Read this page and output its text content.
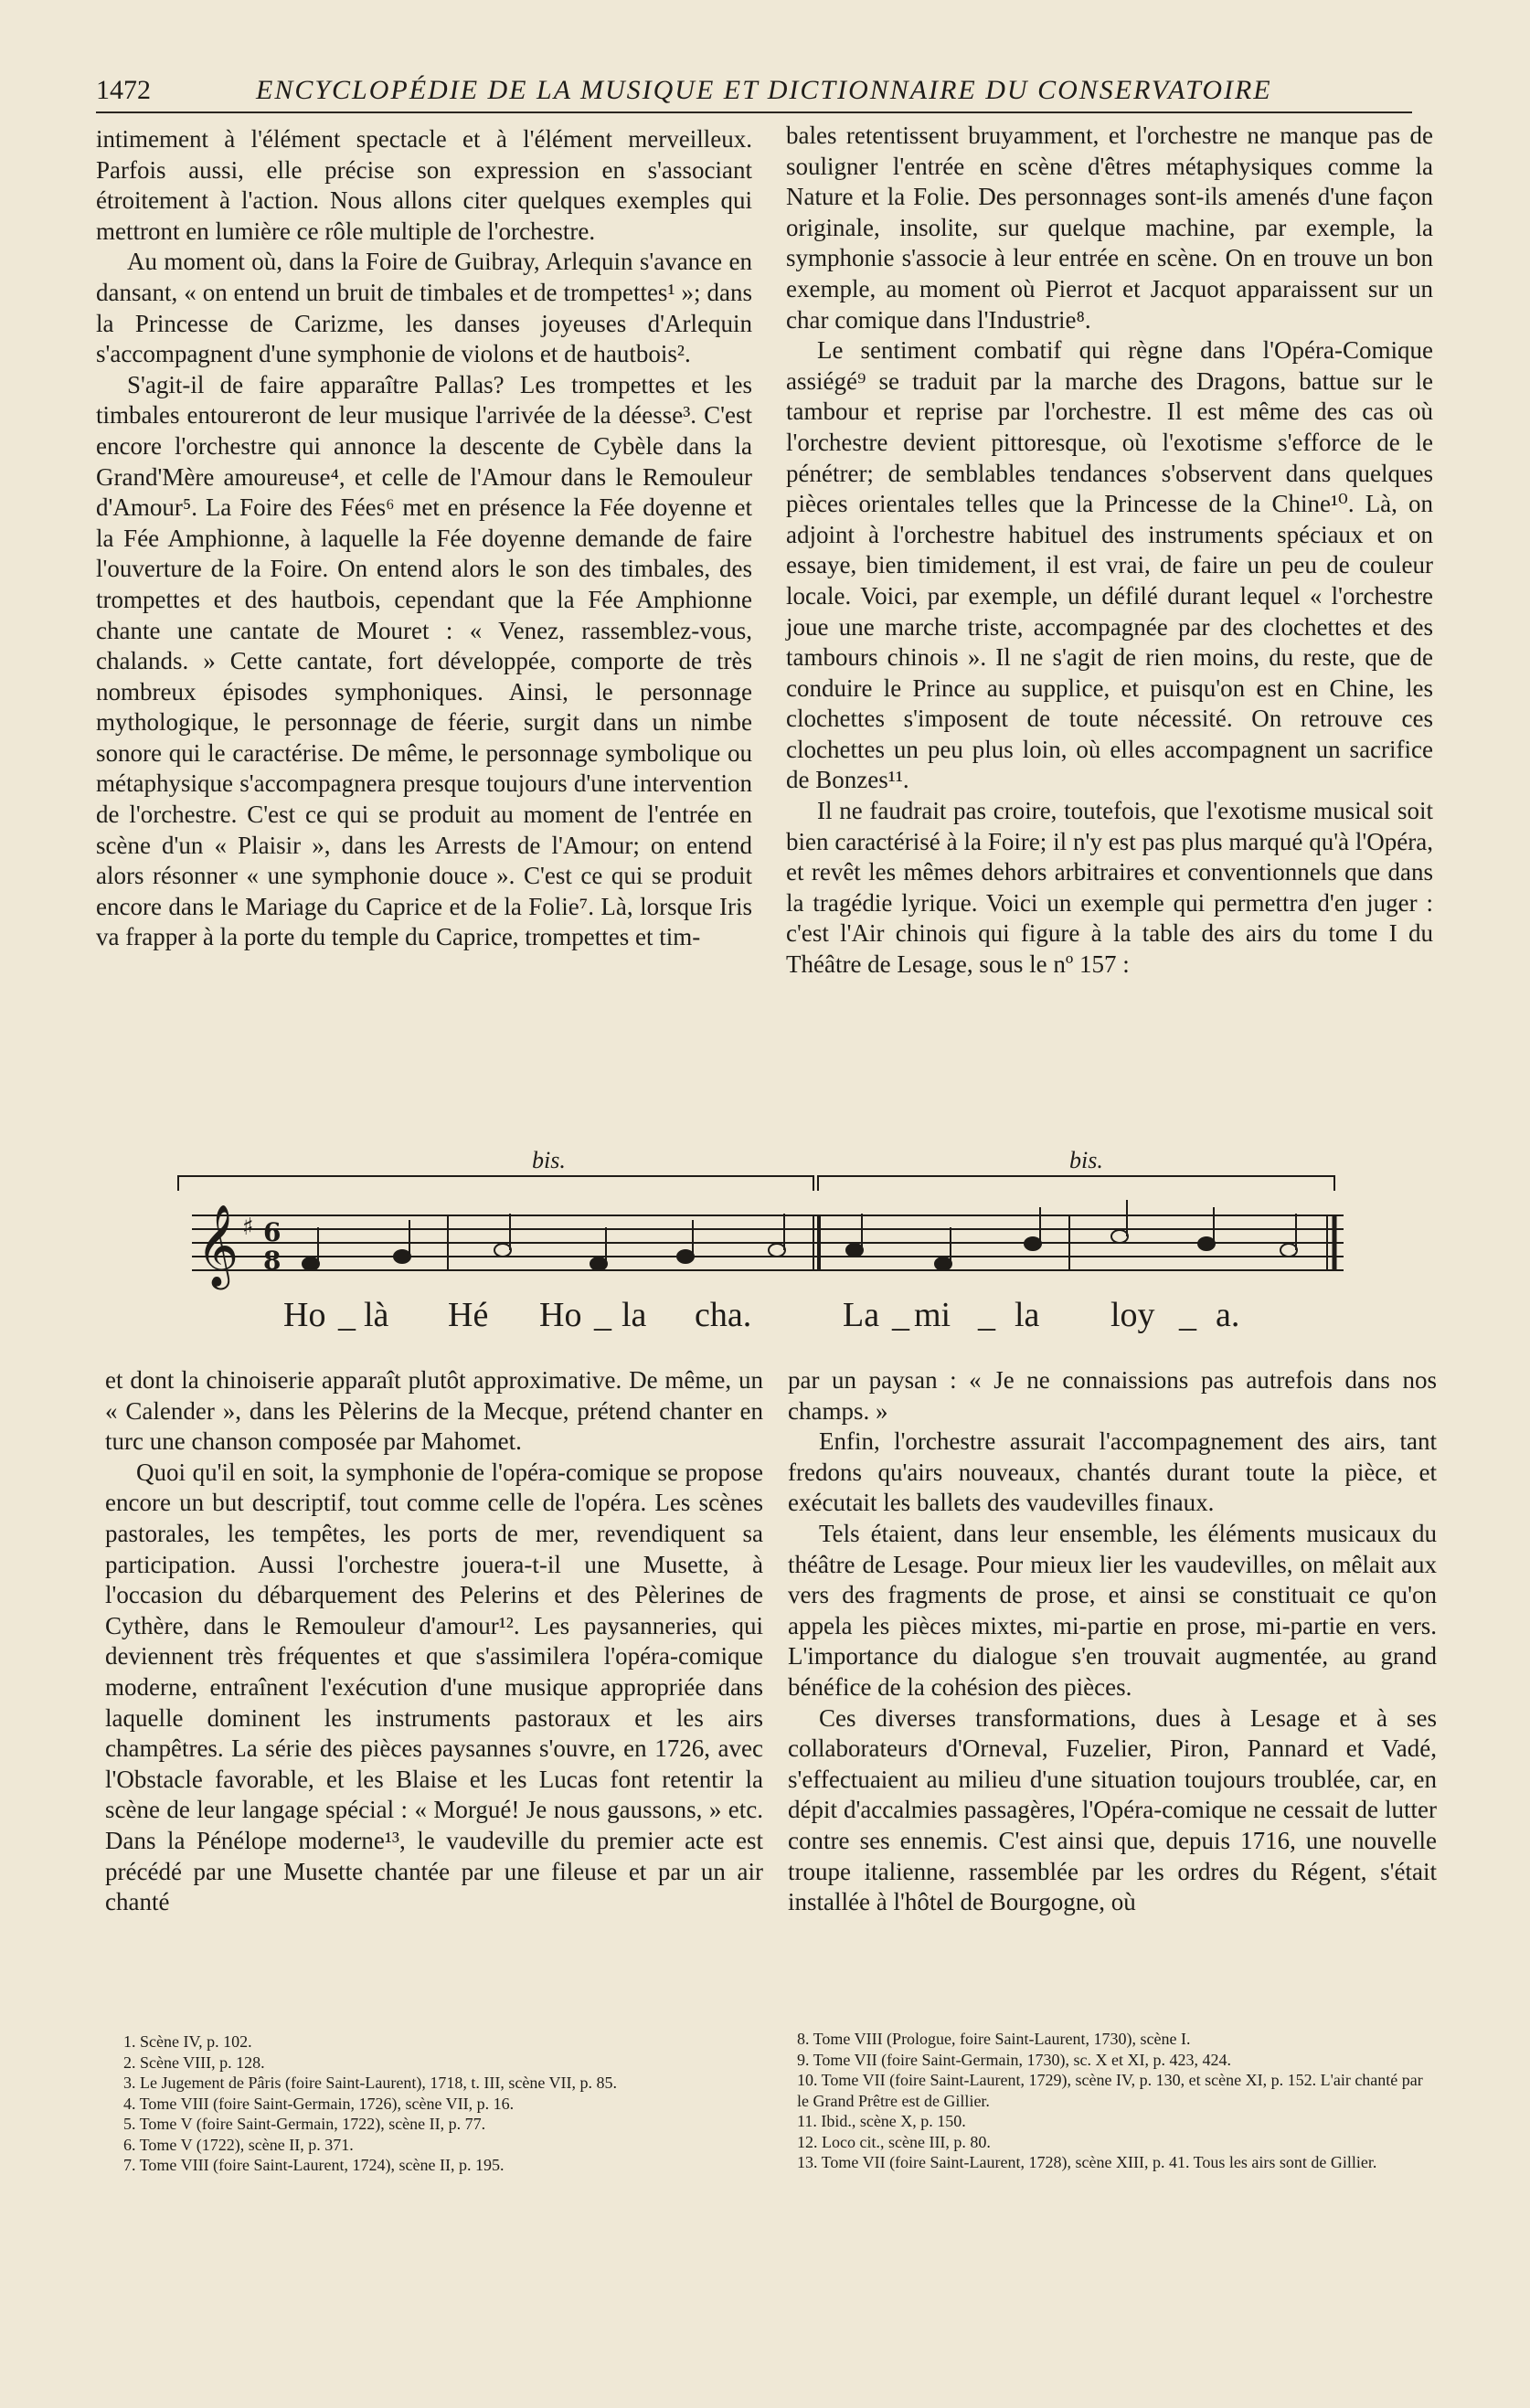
1472	ENCYCLOPÉDIE DE LA MUSIQUE ET DICTIONNAIRE DU CONSERVATOIRE

intimement à l'élément spectacle et à l'élément merveilleux. Parfois aussi, elle précise son expression en s'associant étroitement à l'action. Nous allons citer quelques exemples qui mettront en lumière ce rôle multiple de l'orchestre.

Au moment où, dans la Foire de Guibray, Arlequin s'avance en dansant, « on entend un bruit de timbales et de trompettes¹ »; dans la Princesse de Carizme, les danses joyeuses d'Arlequin s'accompagnent d'une symphonie de violons et de hautbois².

S'agit-il de faire apparaître Pallas? Les trompettes et les timbales entoureront de leur musique l'arrivée de la déesse³. C'est encore l'orchestre qui annonce la descente de Cybèle dans la Grand'Mère amoureuse⁴, et celle de l'Amour dans le Remouleur d'Amour⁵. La Foire des Fées⁶ met en présence la Fée doyenne et la Fée Amphionne, à laquelle la Fée doyenne demande de faire l'ouverture de la Foire. On entend alors le son des timbales, des trompettes et des hautbois, cependant que la Fée Amphionne chante une cantate de Mouret : « Venez, rassemblez-vous, chalands. » Cette cantate, fort développée, comporte de très nombreux épisodes symphoniques. Ainsi, le personnage mythologique, le personnage de féerie, surgit dans un nimbe sonore qui le caractérise. De même, le personnage symbolique ou métaphysique s'accompagnera presque toujours d'une intervention de l'orchestre. C'est ce qui se produit au moment de l'entrée en scène d'un « Plaisir », dans les Arrests de l'Amour; on entend alors résonner « une symphonie douce ». C'est ce qui se produit encore dans le Mariage du Caprice et de la Folie⁷. Là, lorsque Iris va frapper à la porte du temple du Caprice, trompettes et tim-

bales retentissent bruyamment, et l'orchestre ne manque pas de souligner l'entrée en scène d'êtres métaphysiques comme la Nature et la Folie. Des personnages sont-ils amenés d'une façon originale, insolite, sur quelque machine, par exemple, la symphonie s'associe à leur entrée en scène. On en trouve un bon exemple, au moment où Pierrot et Jacquot apparaissent sur un char comique dans l'Industrie⁸.

Le sentiment combatif qui règne dans l'Opéra-Comique assiégé⁹ se traduit par la marche des Dragons, battue sur le tambour et reprise par l'orchestre. Il est même des cas où l'orchestre devient pittoresque, où l'exotisme s'efforce de le pénétrer; de semblables tendances s'observent dans quelques pièces orientales telles que la Princesse de la Chine¹⁰. Là, on adjoint à l'orchestre habituel des instruments spéciaux et on essaye, bien timidement, il est vrai, de faire un peu de couleur locale. Voici, par exemple, un défilé durant lequel « l'orchestre joue une marche triste, accompagnée par des clochettes et des tambours chinois ». Il ne s'agit de rien moins, du reste, que de conduire le Prince au supplice, et puisqu'on est en Chine, les clochettes s'imposent de toute nécessité. On retrouve ces clochettes un peu plus loin, où elles accompagnent un sacrifice de Bonzes¹¹.

Il ne faudrait pas croire, toutefois, que l'exotisme musical soit bien caractérisé à la Foire; il n'y est pas plus marqué qu'à l'Opéra, et revêt les mêmes dehors arbitraires et conventionnels que dans la tragédie lyrique. Voici un exemple qui permettra d'en juger : c'est l'Air chinois qui figure à la table des airs du tome I du Théâtre de Lesage, sous le nº 157 :

bis.	bis.
𝄞 ♯ 6
8
Ho _ là Hé Ho _ la cha.	La _ mi _ la loy _ a.

et dont la chinoiserie apparaît plutôt approximative. De même, un « Calender », dans les Pèlerins de la Mecque, prétend chanter en turc une chanson composée par Mahomet.

Quoi qu'il en soit, la symphonie de l'opéra-comique se propose encore un but descriptif, tout comme celle de l'opéra. Les scènes pastorales, les tempêtes, les ports de mer, revendiquent sa participation. Aussi l'orchestre jouera-t-il une Musette, à l'occasion du débarquement des Pelerins et des Pèlerines de Cythère, dans le Remouleur d'amour¹². Les paysanneries, qui deviennent très fréquentes et que s'assimilera l'opéra-comique moderne, entraînent l'exécution d'une musique appropriée dans laquelle dominent les instruments pastoraux et les airs champêtres. La série des pièces paysannes s'ouvre, en 1726, avec l'Obstacle favorable, et les Blaise et les Lucas font retentir la scène de leur langage spécial : « Morgué! Je nous gaussons, » etc. Dans la Pénélope moderne¹³, le vaudeville du premier acte est précédé par une Musette chantée par une fileuse et par un air chanté

par un paysan : « Je ne connaissions pas autrefois dans nos champs. »

Enfin, l'orchestre assurait l'accompagnement des airs, tant fredons qu'airs nouveaux, chantés durant toute la pièce, et exécutait les ballets des vaudevilles finaux.

Tels étaient, dans leur ensemble, les éléments musicaux du théâtre de Lesage. Pour mieux lier les vaudevilles, on mêlait aux vers des fragments de prose, et ainsi se constituait ce qu'on appela les pièces mixtes, mi-partie en prose, mi-partie en vers. L'importance du dialogue s'en trouvait augmentée, au grand bénéfice de la cohésion des pièces.

Ces diverses transformations, dues à Lesage et à ses collaborateurs d'Orneval, Fuzelier, Piron, Pannard et Vadé, s'effectuaient au milieu d'une situation toujours troublée, car, en dépit d'accalmies passagères, l'Opéra-comique ne cessait de lutter contre ses ennemis. C'est ainsi que, depuis 1716, une nouvelle troupe italienne, rassemblée par les ordres du Régent, s'était installée à l'hôtel de Bourgogne, où

1. Scène IV, p. 102.
2. Scène VIII, p. 128.
3. Le Jugement de Pâris (foire Saint-Laurent), 1718, t. III, scène VII, p. 85.
4. Tome VIII (foire Saint-Germain, 1726), scène VII, p. 16.
5. Tome V (foire Saint-Germain, 1722), scène II, p. 77.
6. Tome V (1722), scène II, p. 371.
7. Tome VIII (foire Saint-Laurent, 1724), scène II, p. 195.
8. Tome VIII (Prologue, foire Saint-Laurent, 1730), scène I.
9. Tome VII (foire Saint-Germain, 1730), sc. X et XI, p. 423, 424.
10. Tome VII (foire Saint-Laurent, 1729), scène IV, p. 130, et scène XI, p. 152. L'air chanté par le Grand Prêtre est de Gillier.
11. Ibid., scène X, p. 150.
12. Loco cit., scène III, p. 80.
13. Tome VII (foire Saint-Laurent, 1728), scène XIII, p. 41. Tous les airs sont de Gillier.
